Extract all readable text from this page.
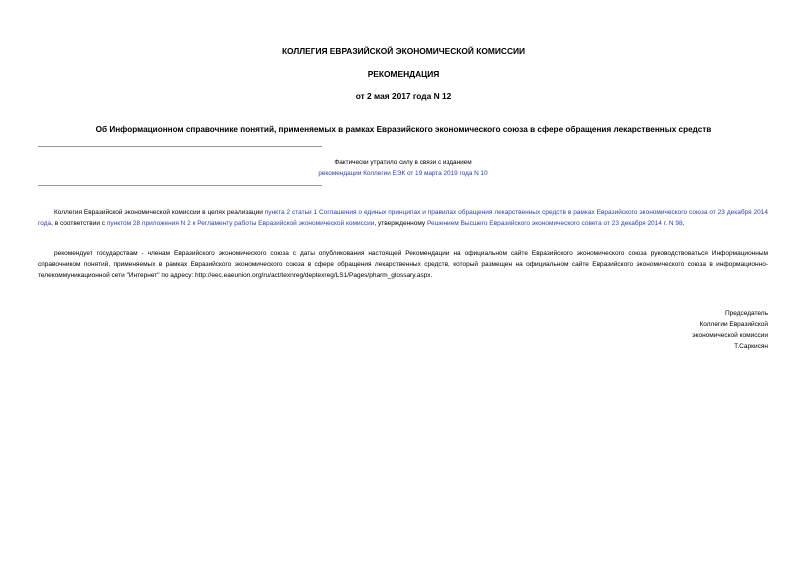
КОЛЛЕГИЯ ЕВРАЗИЙСКОЙ ЭКОНОМИЧЕСКОЙ КОМИССИИ
РЕКОМЕНДАЦИЯ
от 2 мая 2017 года N 12
Об Информационном справочнике понятий, применяемых в рамках Евразийского экономического союза в сфере обращения лекарственных средств
Фактически утратило силу в связи с изданием
рекомендации Коллегии ЕЭК от 19 марта 2019 года N 10
Коллегия Евразийской экономической комиссии в целях реализации пункта 2 статьи 1 Соглашения о единых принципах и правилах обращения лекарственных средств в рамках Евразийского экономического союза от 23 декабря 2014 года, в соответствии с пунктом 28 приложения N 2 к Регламенту работы Евразийской экономической комиссии, утвержденному Решением Высшего Евразийского экономического совета от 23 декабря 2014 г. N 98,
рекомендует государствам - членам Евразийского экономического союза с даты опубликования настоящей Рекомендации на официальном сайте Евразийского экономического союза руководствоваться Информационным справочником понятий, применяемых в рамках Евразийского экономического союза в сфере обращения лекарственных средств, который размещен на официальном сайте Евразийского экономического союза в информационно-телекоммуникационной сети "Интернет" по адресу: http://eec.eaeunion.org/ru/act/texnreg/deptexreg/LS1/Pages/pharm_glossary.aspx.
Председатель
Коллегии Евразийской
экономической комиссии
Т.Саркисян
